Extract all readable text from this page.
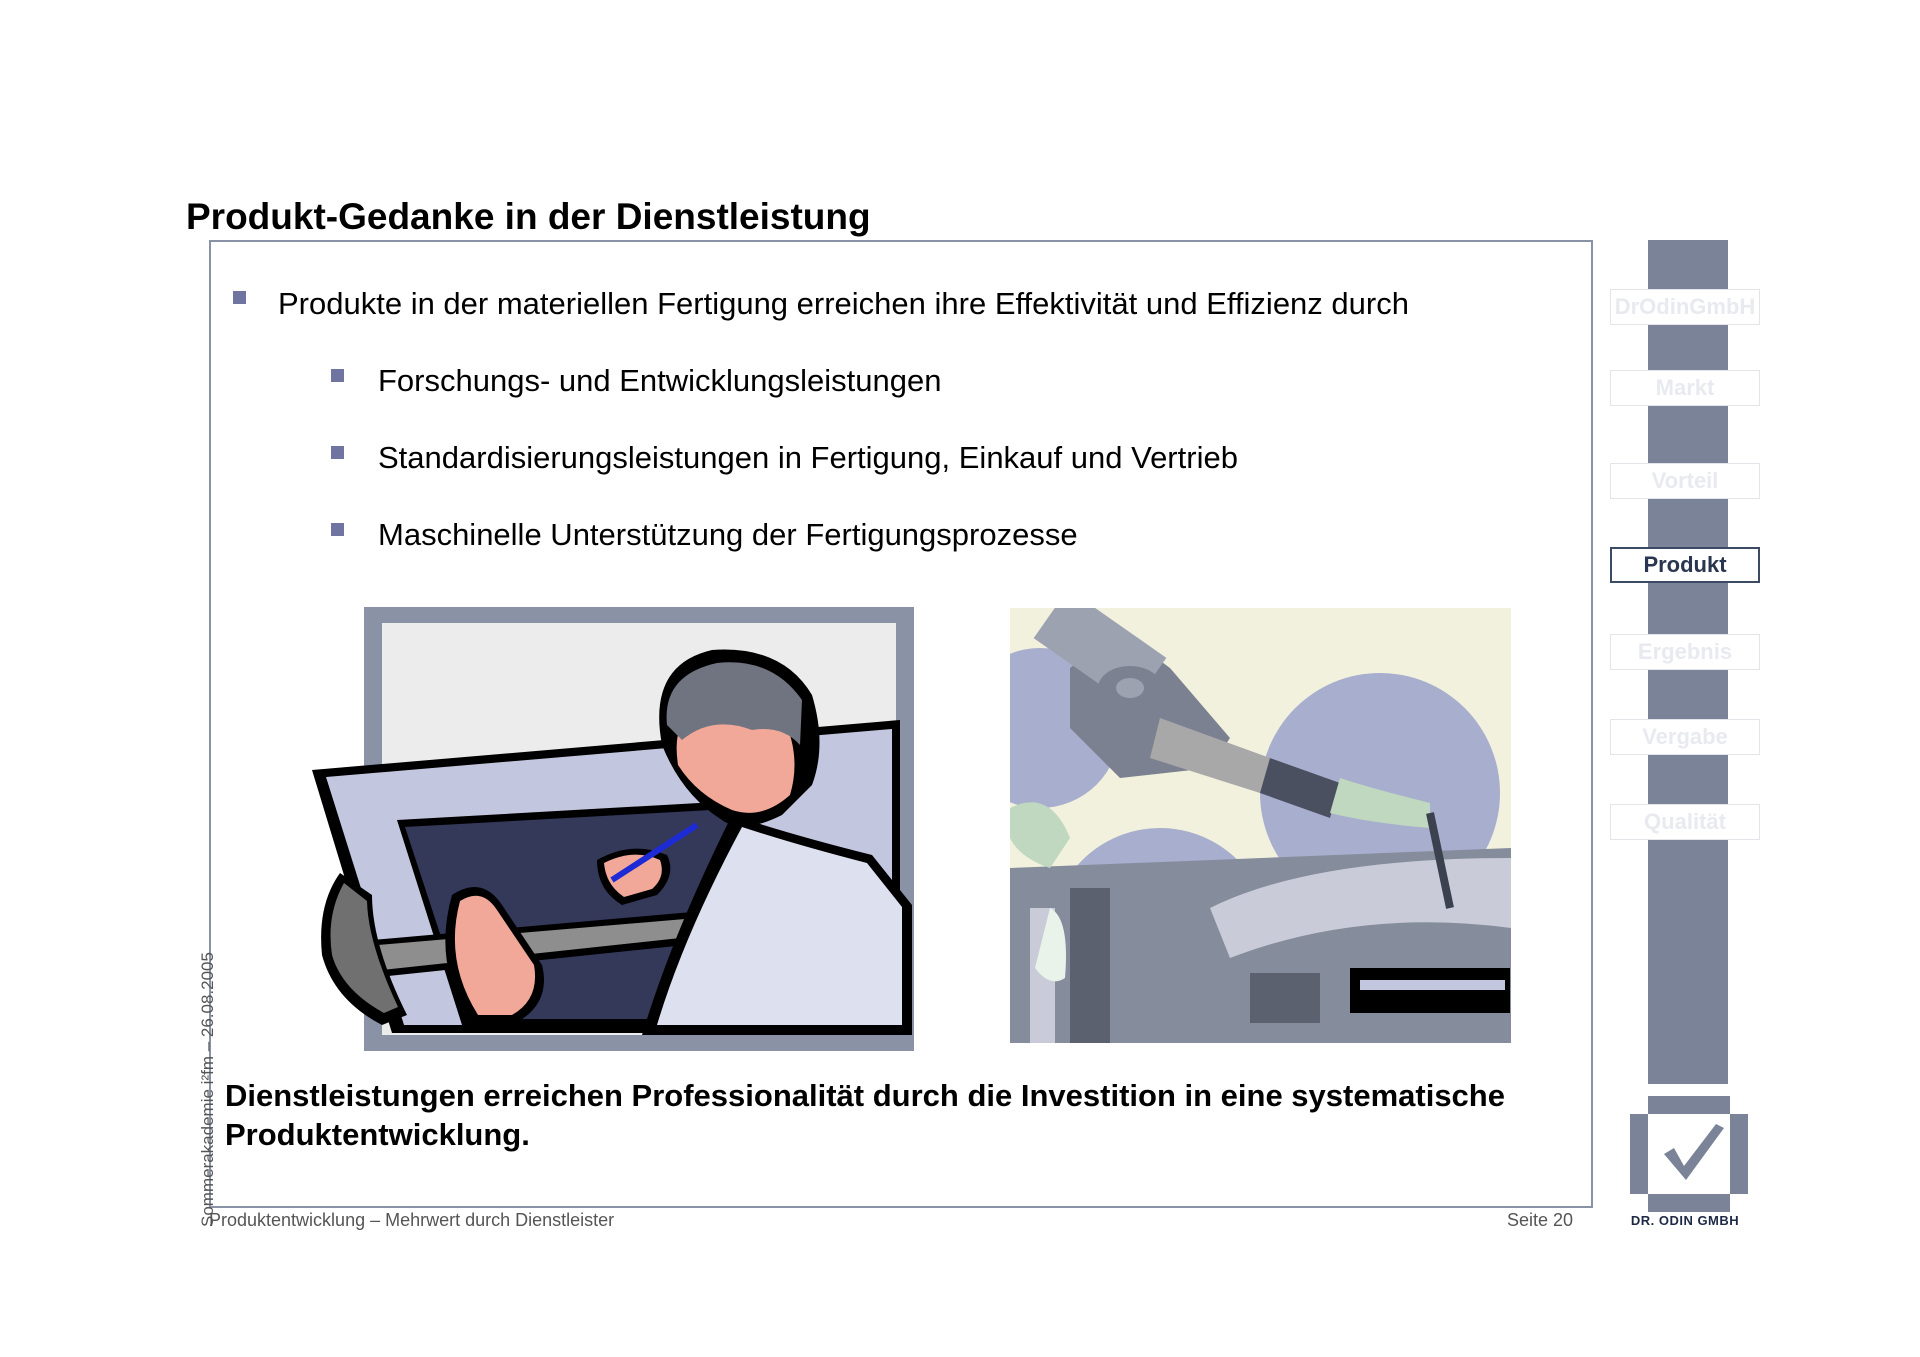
Produkt-Gedanke in der Dienstleistung
Produkte in der materiellen Fertigung erreichen ihre Effektivität und Effizienz durch
Forschungs- und Entwicklungsleistungen
Standardisierungsleistungen in Fertigung, Einkauf und Vertrieb
Maschinelle Unterstützung der Fertigungsprozesse
Dienstleistungen erreichen Professionalität durch die Investition in eine systematische Produktentwicklung.
Produktentwicklung – Mehrwert durch Dienstleister	Seite 20
Sommerakademie i²fm – 26.08.2005
DrOdinGmbH
Markt
Vorteil
Produkt
Ergebnis
Vergabe
Qualität
DR. ODIN GMBH
